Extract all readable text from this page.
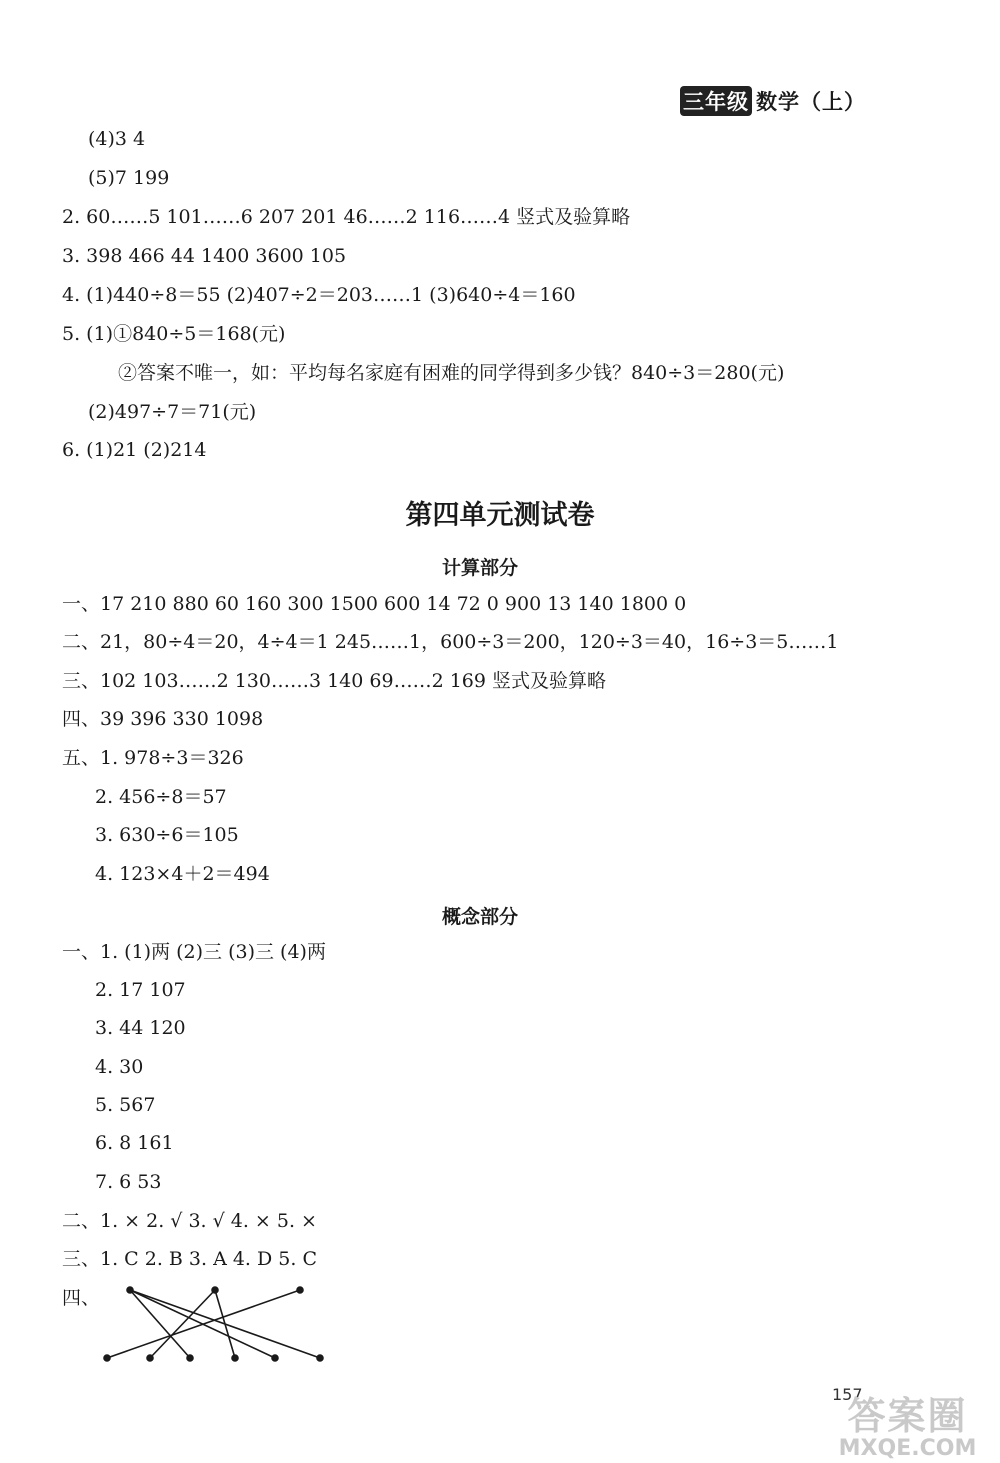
三年级 数学（上）
(4)3 4
(5)7 199
2. 60……5 101……6 207 201 46……2 116……4 竖式及验算略
3. 398 466 44 1400 3600 105
4. (1)440÷8＝55 (2)407÷2＝203……1 (3)640÷4＝160
5. (1)①840÷5＝168(元)
②答案不唯一，如：平均每名家庭有困难的同学得到多少钱？840÷3＝280(元)
(2)497÷7＝71(元)
6. (1)21 (2)214
第四单元测试卷
计算部分
一、17 210 880 60 160 300 1500 600 14 72 0 900 13 140 1800 0
二、21，80÷4＝20，4÷4＝1 245……1，600÷3＝200，120÷3＝40，16÷3＝5……1
三、102 103……2 130……3 140 69……2 169 竖式及验算略
四、39 396 330 1098
五、1. 978÷3＝326
2. 456÷8＝57
3. 630÷6＝105
4. 123×4＋2＝494
概念部分
一、1. (1)两 (2)三 (3)三 (4)两
2. 17 107
3. 44 120
4. 30
5. 567
6. 8 161
7. 6 53
二、1. × 2. √ 3. √ 4. × 5. ×
三、1. C 2. B 3. A 4. D 5. C
四、
157
答案圈
MXQE.COM
